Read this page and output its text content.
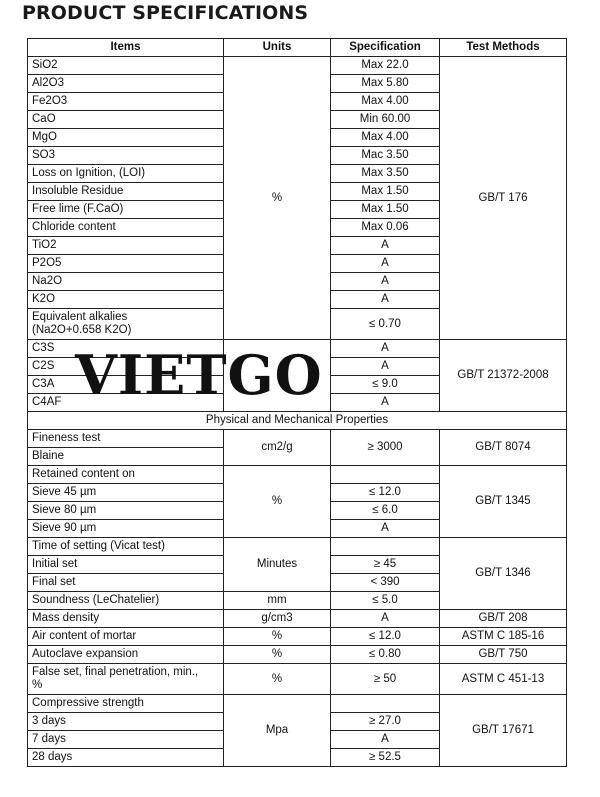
PRODUCT SPECIFICATIONS
Items	Units	Specification	Test Methods
SiO2	%	Max 22.0	GB/T 176
Al2O3		Max 5.80	
Fe2O3		Max 4.00	
CaO		Min 60.00	
MgO		Max 4.00	
SO3		Mac 3.50	
Loss on Ignition, (LOI)		Max 3.50	
Insoluble Residue		Max 1.50	
Free lime (F.CaO)		Max 1.50	
Chloride content		Max 0.06	
TiO2		A	
P2O5		A	
Na2O		A	
K2O		A	

Equivalent alkalies
(Na2O+0.658 K2O)		≤ 0.70	
C3S		A	GB/T 21372-2008
C2S		A	
C3A		≤ 9.0	
C4AF		A	
Physical and Mechanical Properties			
Fineness test	cm2/g	≥ 3000	GB/T 8074
Blaine			
Retained content on	%		GB/T 1345
Sieve 45 µm		≤ 12.0	
Sieve 80 µm		≤ 6.0	
Sieve 90 µm		A	
Time of setting (Vicat test)	Minutes		GB/T 1346
Initial set		≥ 45	
Final set		< 390	
Soundness (LeChatelier)	mm	≤ 5.0	
Mass density	g/cm3	A	GB/T 208
Air content of mortar	%	≤ 12.0	ASTM C 185-16
Autoclave expansion	%	≤ 0.80	GB/T 750

False set, final penetration, min.,
%	%	≥ 50	ASTM C 451-13
Compressive strength	Mpa		GB/T 17671
3 days		≥ 27.0	
7 days		A	
28 days		≥ 52.5	
VIETGO
